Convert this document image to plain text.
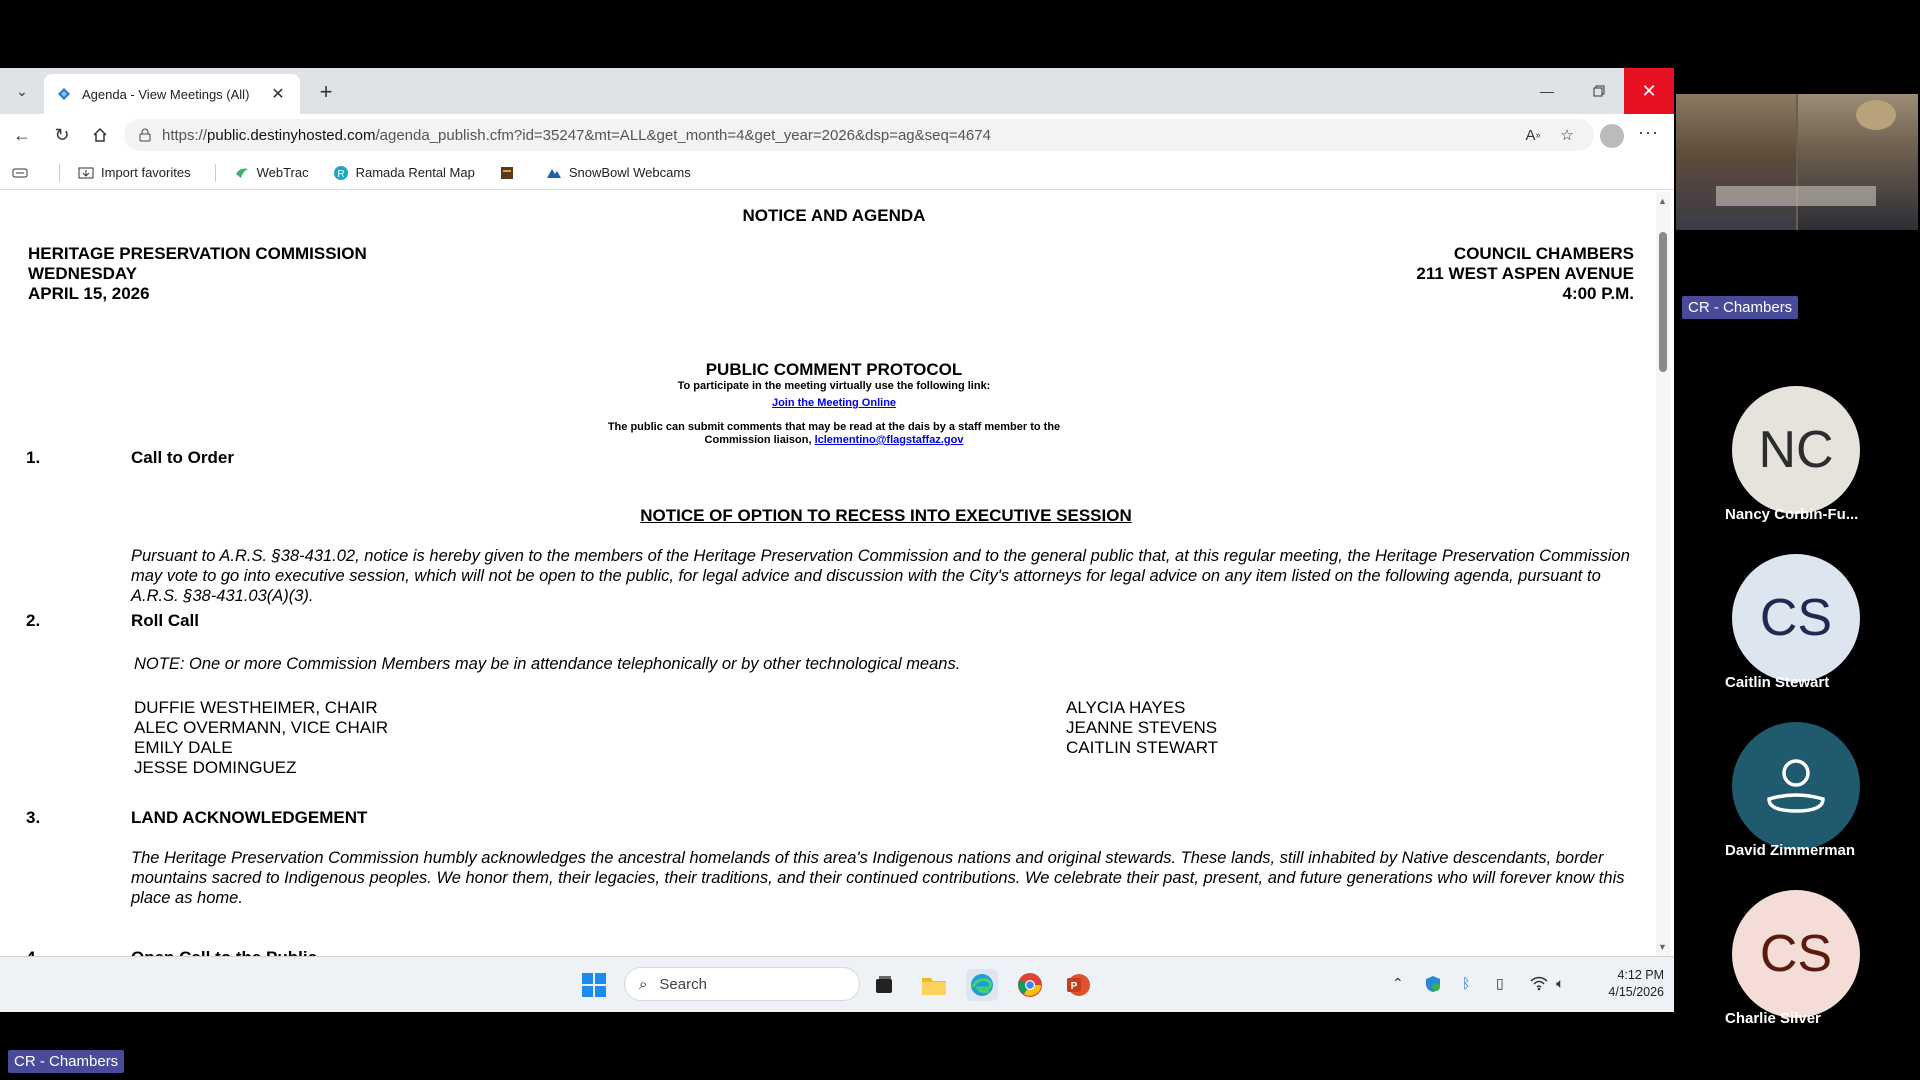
⌄	Agenda - View Meetings (All)	✕	+	—	✕
←	↻	https://public.destinyhosted.com/agenda_publish.cfm?id=35247&mt=ALL&get_month=4&get_year=2026&dsp=ag&seq=4674	A »	☆	···
Import favorites	WebTrac	R Ramada Rental Map	SnowBowl Webcams
NOTICE AND AGENDA
HERITAGE PRESERVATION COMMISSION
WEDNESDAY
APRIL 15, 2026
COUNCIL CHAMBERS
211 WEST ASPEN AVENUE
4:00 P.M.
PUBLIC COMMENT PROTOCOL
To participate in the meeting virtually use the following link:
Join the Meeting Online
The public can submit comments that may be read at the dais by a staff member to the
Commission liaison, lclementino@flagstaffaz.gov
1.	Call to Order
NOTICE OF OPTION TO RECESS INTO EXECUTIVE SESSION
Pursuant to A.R.S. §38-431.02, notice is hereby given to the members of the Heritage Preservation Commission and to the general public that, at this regular meeting, the Heritage Preservation Commission may vote to go into executive session, which will not be open to the public, for legal advice and discussion with the City's attorneys for legal advice on any item listed on the following agenda, pursuant to A.R.S. §38-431.03(A)(3).
2.	Roll Call
NOTE: One or more Commission Members may be in attendance telephonically or by other technological means.
DUFFIE WESTHEIMER, CHAIR
ALEC OVERMANN, VICE CHAIR
EMILY DALE
JESSE DOMINGUEZ
ALYCIA HAYES
JEANNE STEVENS
CAITLIN STEWART
3.	LAND ACKNOWLEDGEMENT
The Heritage Preservation Commission humbly acknowledges the ancestral homelands of this area's Indigenous nations and original stewards. These lands, still inhabited by Native descendants, border mountains sacred to Indigenous peoples. We honor them, their legacies, their traditions, and their continued contributions. We celebrate their past, present, and future generations who will forever know this place as home.
▲
▼
⌕ Search	P	⌃	ᛒ ▯	🔈︎	4:12 PM
4/15/2026
CR - Chambers
NC
Nancy Corbin-Fu...
CS
Caitlin Stewart
David Zimmerman
CS
Charlie Silver
CR - Chambers
